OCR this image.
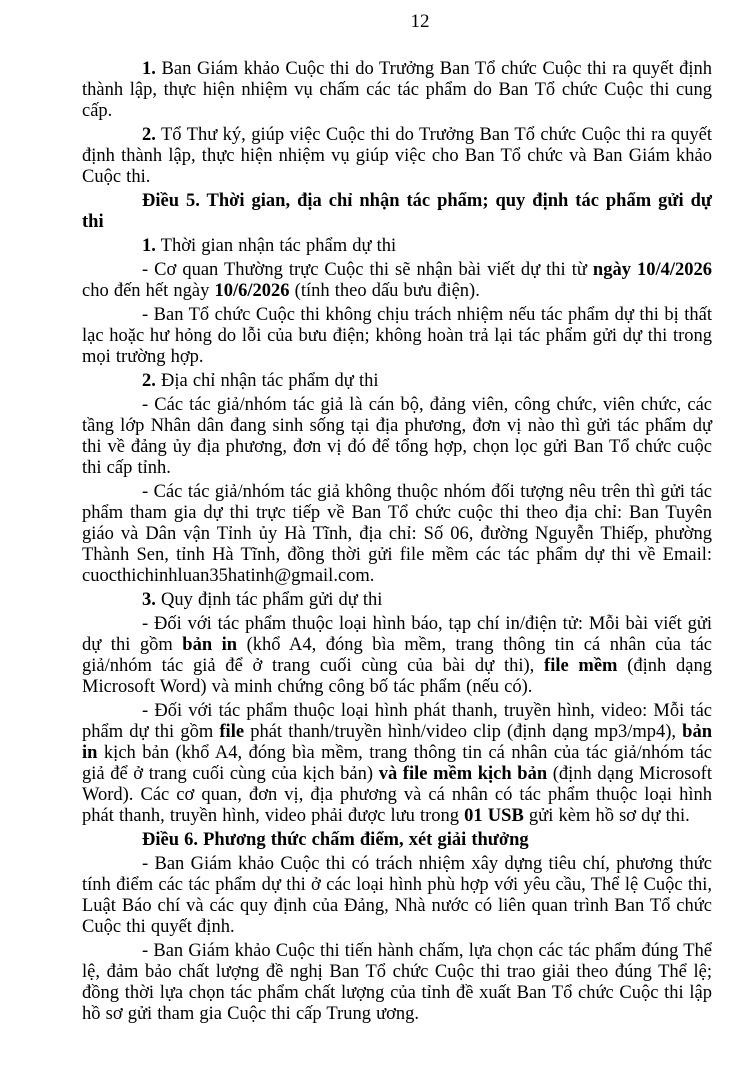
12

1. Ban Giám khảo Cuộc thi do Trưởng Ban Tổ chức Cuộc thi ra quyết định thành lập, thực hiện nhiệm vụ chấm các tác phẩm do Ban Tổ chức Cuộc thi cung cấp.

2. Tổ Thư ký, giúp việc Cuộc thi do Trưởng Ban Tổ chức Cuộc thi ra quyết định thành lập, thực hiện nhiệm vụ giúp việc cho Ban Tổ chức và Ban Giám khảo Cuộc thi.

Điều 5. Thời gian, địa chỉ nhận tác phẩm; quy định tác phẩm gửi dự thi

1. Thời gian nhận tác phẩm dự thi

- Cơ quan Thường trực Cuộc thi sẽ nhận bài viết dự thi từ ngày 10/4/2026 cho đến hết ngày 10/6/2026 (tính theo dấu bưu điện).

- Ban Tổ chức Cuộc thi không chịu trách nhiệm nếu tác phẩm dự thi bị thất lạc hoặc hư hỏng do lỗi của bưu điện; không hoàn trả lại tác phẩm gửi dự thi trong mọi trường hợp.

2. Địa chỉ nhận tác phẩm dự thi

- Các tác giả/nhóm tác giả là cán bộ, đảng viên, công chức, viên chức, các tầng lớp Nhân dân đang sinh sống tại địa phương, đơn vị nào thì gửi tác phẩm dự thi về đảng ủy địa phương, đơn vị đó để tổng hợp, chọn lọc gửi Ban Tổ chức cuộc thi cấp tỉnh.

- Các tác giả/nhóm tác giả không thuộc nhóm đối tượng nêu trên thì gửi tác phẩm tham gia dự thi trực tiếp về Ban Tổ chức cuộc thi theo địa chỉ: Ban Tuyên giáo và Dân vận Tỉnh ủy Hà Tĩnh, địa chỉ: Số 06, đường Nguyễn Thiếp, phường Thành Sen, tỉnh Hà Tĩnh, đồng thời gửi file mềm các tác phẩm dự thi về Email: cuocthichinhluan35hatinh@gmail.com.

3. Quy định tác phẩm gửi dự thi

- Đối với tác phẩm thuộc loại hình báo, tạp chí in/điện tử: Mỗi bài viết gửi dự thi gồm bản in (khổ A4, đóng bìa mềm, trang thông tin cá nhân của tác giả/nhóm tác giả để ở trang cuối cùng của bài dự thi), file mềm (định dạng Microsoft Word) và minh chứng công bố tác phẩm (nếu có).

- Đối với tác phẩm thuộc loại hình phát thanh, truyền hình, video: Mỗi tác phẩm dự thi gồm file phát thanh/truyền hình/video clip (định dạng mp3/mp4), bản in kịch bản (khổ A4, đóng bìa mềm, trang thông tin cá nhân của tác giả/nhóm tác giả để ở trang cuối cùng của kịch bản) và file mềm kịch bản (định dạng Microsoft Word). Các cơ quan, đơn vị, địa phương và cá nhân có tác phẩm thuộc loại hình phát thanh, truyền hình, video phải được lưu trong 01 USB gửi kèm hồ sơ dự thi.

Điều 6. Phương thức chấm điểm, xét giải thưởng

- Ban Giám khảo Cuộc thi có trách nhiệm xây dựng tiêu chí, phương thức tính điểm các tác phẩm dự thi ở các loại hình phù hợp với yêu cầu, Thể lệ Cuộc thi, Luật Báo chí và các quy định của Đảng, Nhà nước có liên quan trình Ban Tổ chức Cuộc thi quyết định.

- Ban Giám khảo Cuộc thi tiến hành chấm, lựa chọn các tác phẩm đúng Thể lệ, đảm bảo chất lượng đề nghị Ban Tổ chức Cuộc thi trao giải theo đúng Thể lệ; đồng thời lựa chọn tác phẩm chất lượng của tỉnh đề xuất Ban Tổ chức Cuộc thi lập hồ sơ gửi tham gia Cuộc thi cấp Trung ương.
